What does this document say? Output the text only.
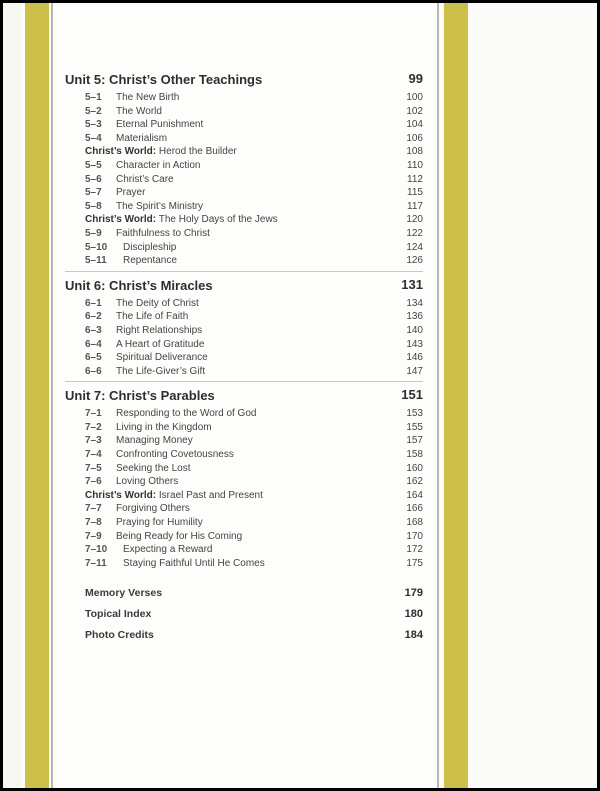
Unit 5: Christ’s Other Teachings	99
5–1	The New Birth	100
5–2	The World	102
5–3	Eternal Punishment	104
5–4	Materialism	106
Christ’s World: Herod the Builder	108
5–5	Character in Action	110
5–6	Christ’s Care	112
5–7	Prayer	115
5–8	The Spirit’s Ministry	117
Christ’s World: The Holy Days of the Jews	120
5–9	Faithfulness to Christ	122
5–10	Discipleship	124
5–11	Repentance	126
Unit 6: Christ’s Miracles	131
6–1	The Deity of Christ	134
6–2	The Life of Faith	136
6–3	Right Relationships	140
6–4	A Heart of Gratitude	143
6–5	Spiritual Deliverance	146
6–6	The Life-Giver’s Gift	147
Unit 7: Christ’s Parables	151
7–1	Responding to the Word of God	153
7–2	Living in the Kingdom	155
7–3	Managing Money	157
7–4	Confronting Covetousness	158
7–5	Seeking the Lost	160
7–6	Loving Others	162
Christ’s World: Israel Past and Present	164
7–7	Forgiving Others	166
7–8	Praying for Humility	168
7–9	Being Ready for His Coming	170
7–10	Expecting a Reward	172
7–11	Staying Faithful Until He Comes	175
Memory Verses	179
Topical Index	180
Photo Credits	184
